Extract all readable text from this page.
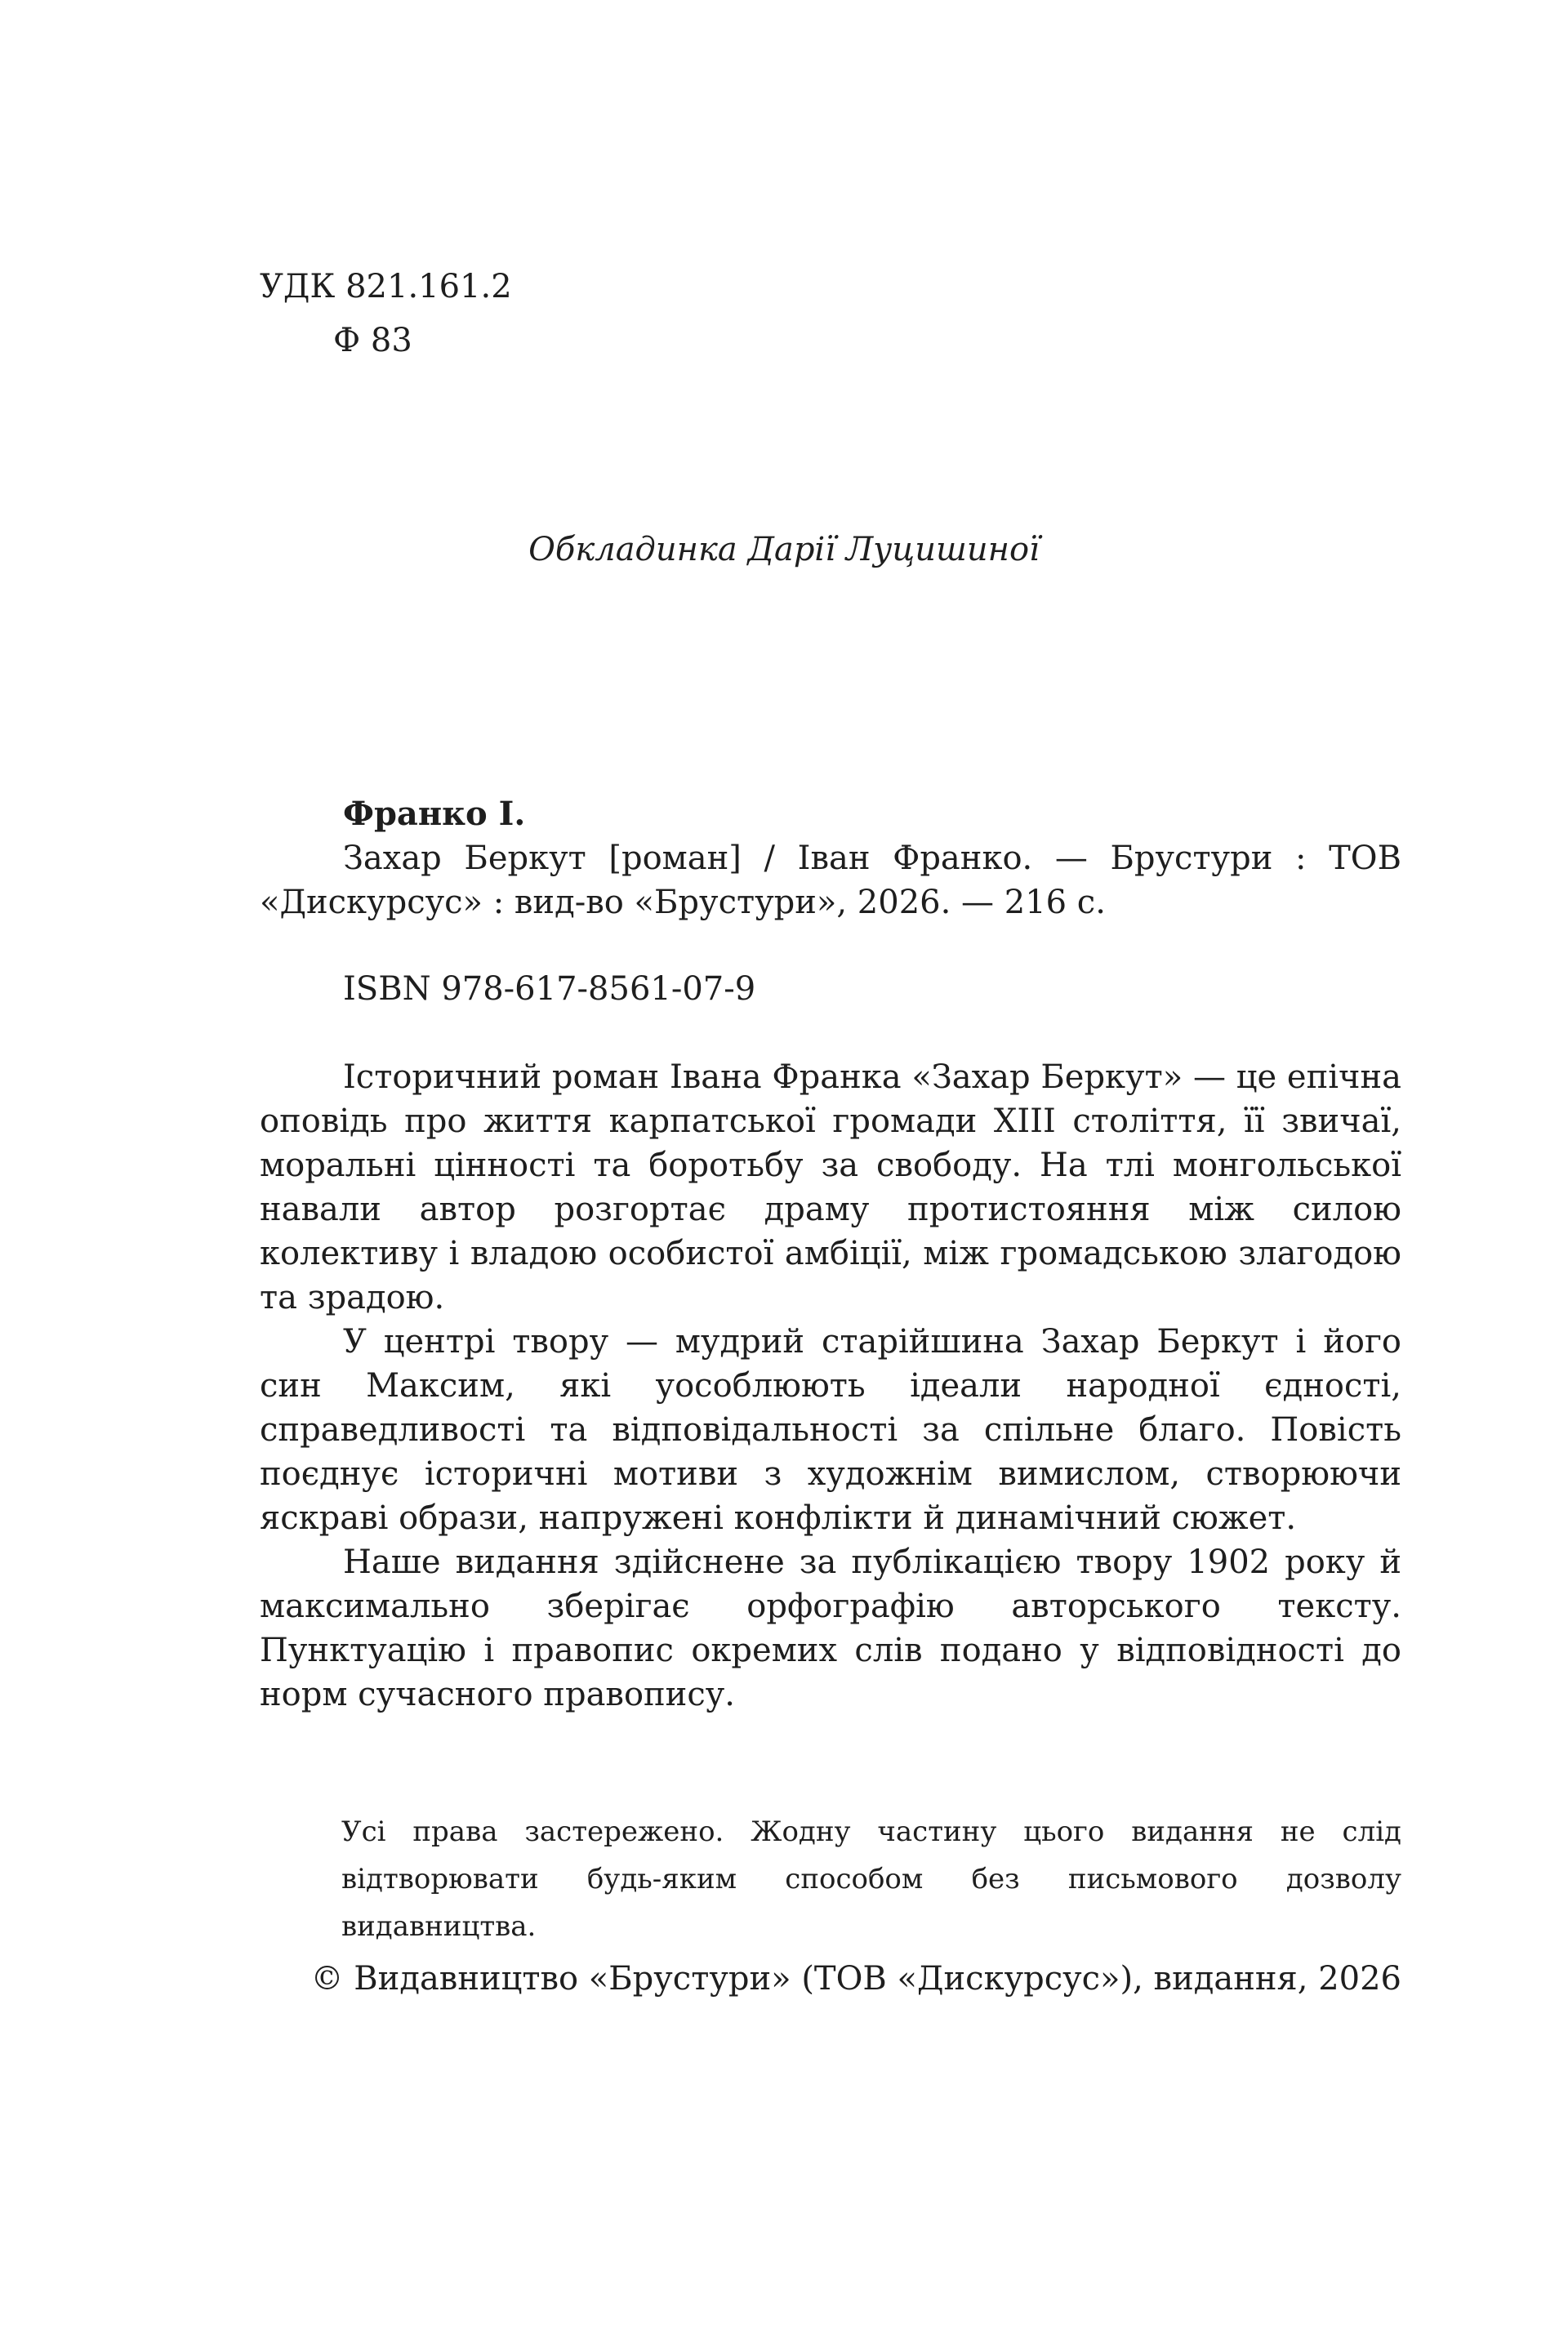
УДК 821.161.2
Ф 83
Обкладинка Дарії Луцишиної
Франко І.
Захар Беркут [роман] / Іван Франко. — Брустури : ТОВ «Дискурсус» : вид-во «Брустури», 2026. — 216 с.
ISBN 978-617-8561-07-9

Історичний роман Івана Франка «Захар Беркут» — це епічна оповідь про життя карпатської громади XIII століття, її звичаї, моральні цінності та боротьбу за свободу. На тлі монгольської навали автор розгортає драму протистояння між силою колективу і владою особистої амбіції, між громадською злагодою та зрадою.

У центрі твору — мудрий старійшина Захар Беркут і його син Максим, які уособлюють ідеали народної єдності, справедливості та відповідальності за спільне благо. Повість поєднує історичні мотиви з художнім вимислом, створюючи яскраві образи, напружені конфлікти й динамічний сюжет.

Наше видання здійснене за публікацією твору 1902 року й максимально зберігає орфографію авторського тексту. Пунктуацію і правопис окремих слів подано у відповідності до норм сучасного правопису.

Усі права застережено. Жодну частину цього видання не слід відтворювати будь-яким способом без письмового дозволу видавництва.
© Видавництво «Брустури» (ТОВ «Дискурсус»), видання, 2026
